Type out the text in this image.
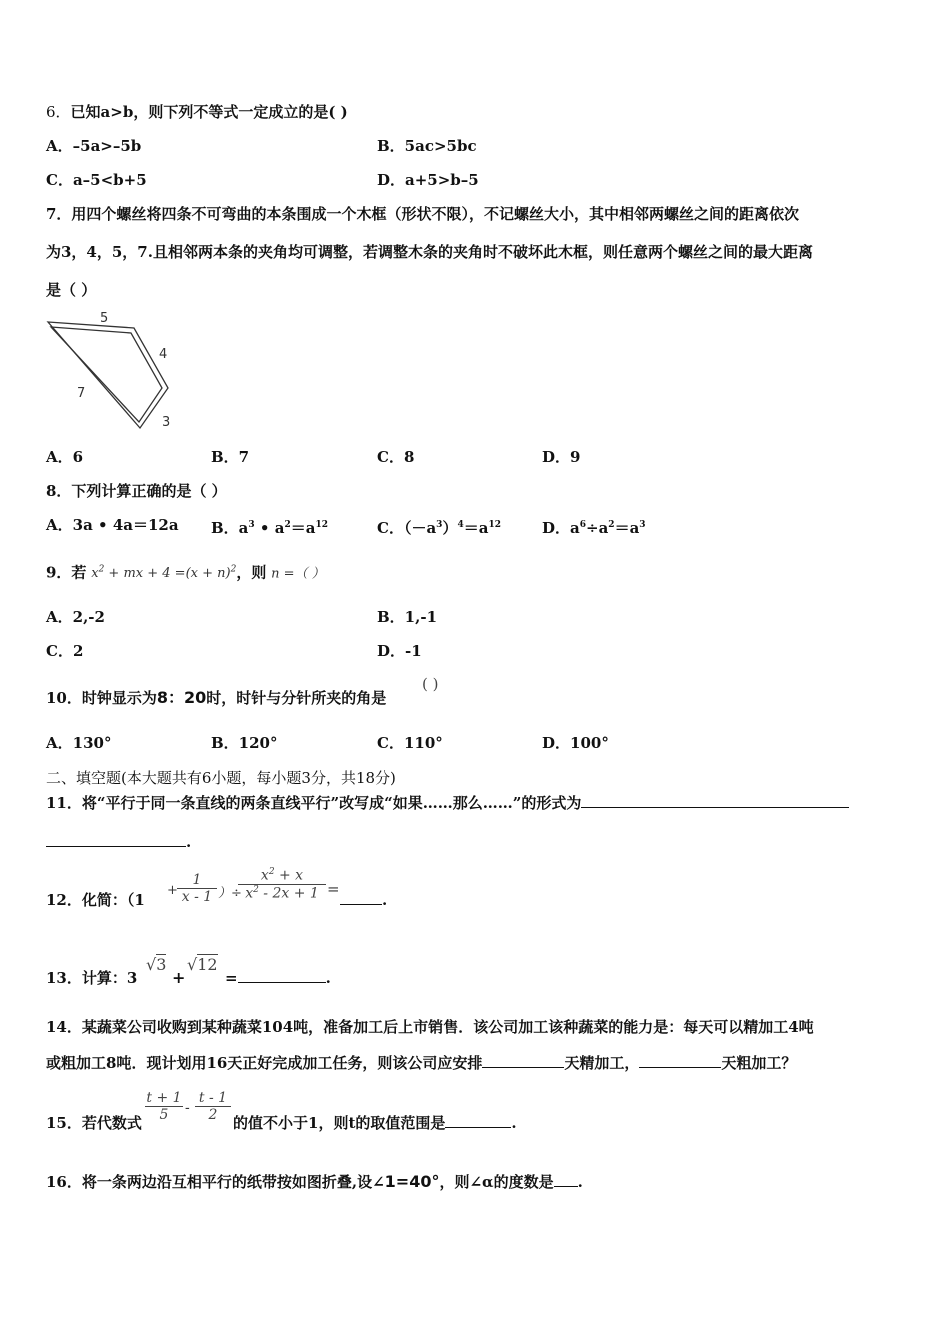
6．已知a>b，则下列不等式一定成立的是( )
A．–5a>–5b	B．5ac>5bc
C．a–5<b+5	D．a+5>b–5
7．用四个螺丝将四条不可弯曲的本条围成一个木框（形状不限），不记螺丝大小，其中相邻两螺丝之间的距离依次
为3，4，5，7.且相邻两本条的夹角均可调整，若调整木条的夹角时不破坏此木框，则任意两个螺丝之间的最大距离
是（ ）
5
4
7
3
A．6	B．7	C．8	D．9
8．下列计算正确的是（ ）
A．3a • 4a＝12a B．$a^3$ • $a^2=a^{12}$	C．$(-a^3)^4=a^{12}$	D．$a^6\div a^2=a^3$
9．若 $x^2$ + mx + $4 =(x + n)^2$，则 n =（ ）
A．2,-2	B．1,-1
C．2	D．-1
10．时钟显示为8：20时，时针与分针所夹的角是
( )
A．130°	B．120°	C．110°	D．100°
二、填空题(本大题共有6小题，每小题3分，共18分)
11．将“平行于同一条直线的两条直线平行”改写成“如果……那么……”的形式为
.
12．化简：（1
+ $\frac{1}{x - 1}$ ）÷
$\frac{x^2 + x}{x^2 - 2x + 1}$ =
.
13．计算：3
√3
+
√12
=	.
14．某蔬菜公司收购到某种蔬菜104吨，准备加工后上市销售．该公司加工该种蔬菜的能力是：每天可以精加工4吨
或粗加工8吨．现计划用16天正好完成加工任务，则该公司应安排	天精加工，	天粗加工？
15．若代数式 $\frac{t + 1}{5} - \frac{t - 1}{2}$ 的值不小于1，则t的取值范围是	.
16．将一条两边沿互相平行的纸带按如图折叠,设∠1=40°，则∠α的度数是 .
